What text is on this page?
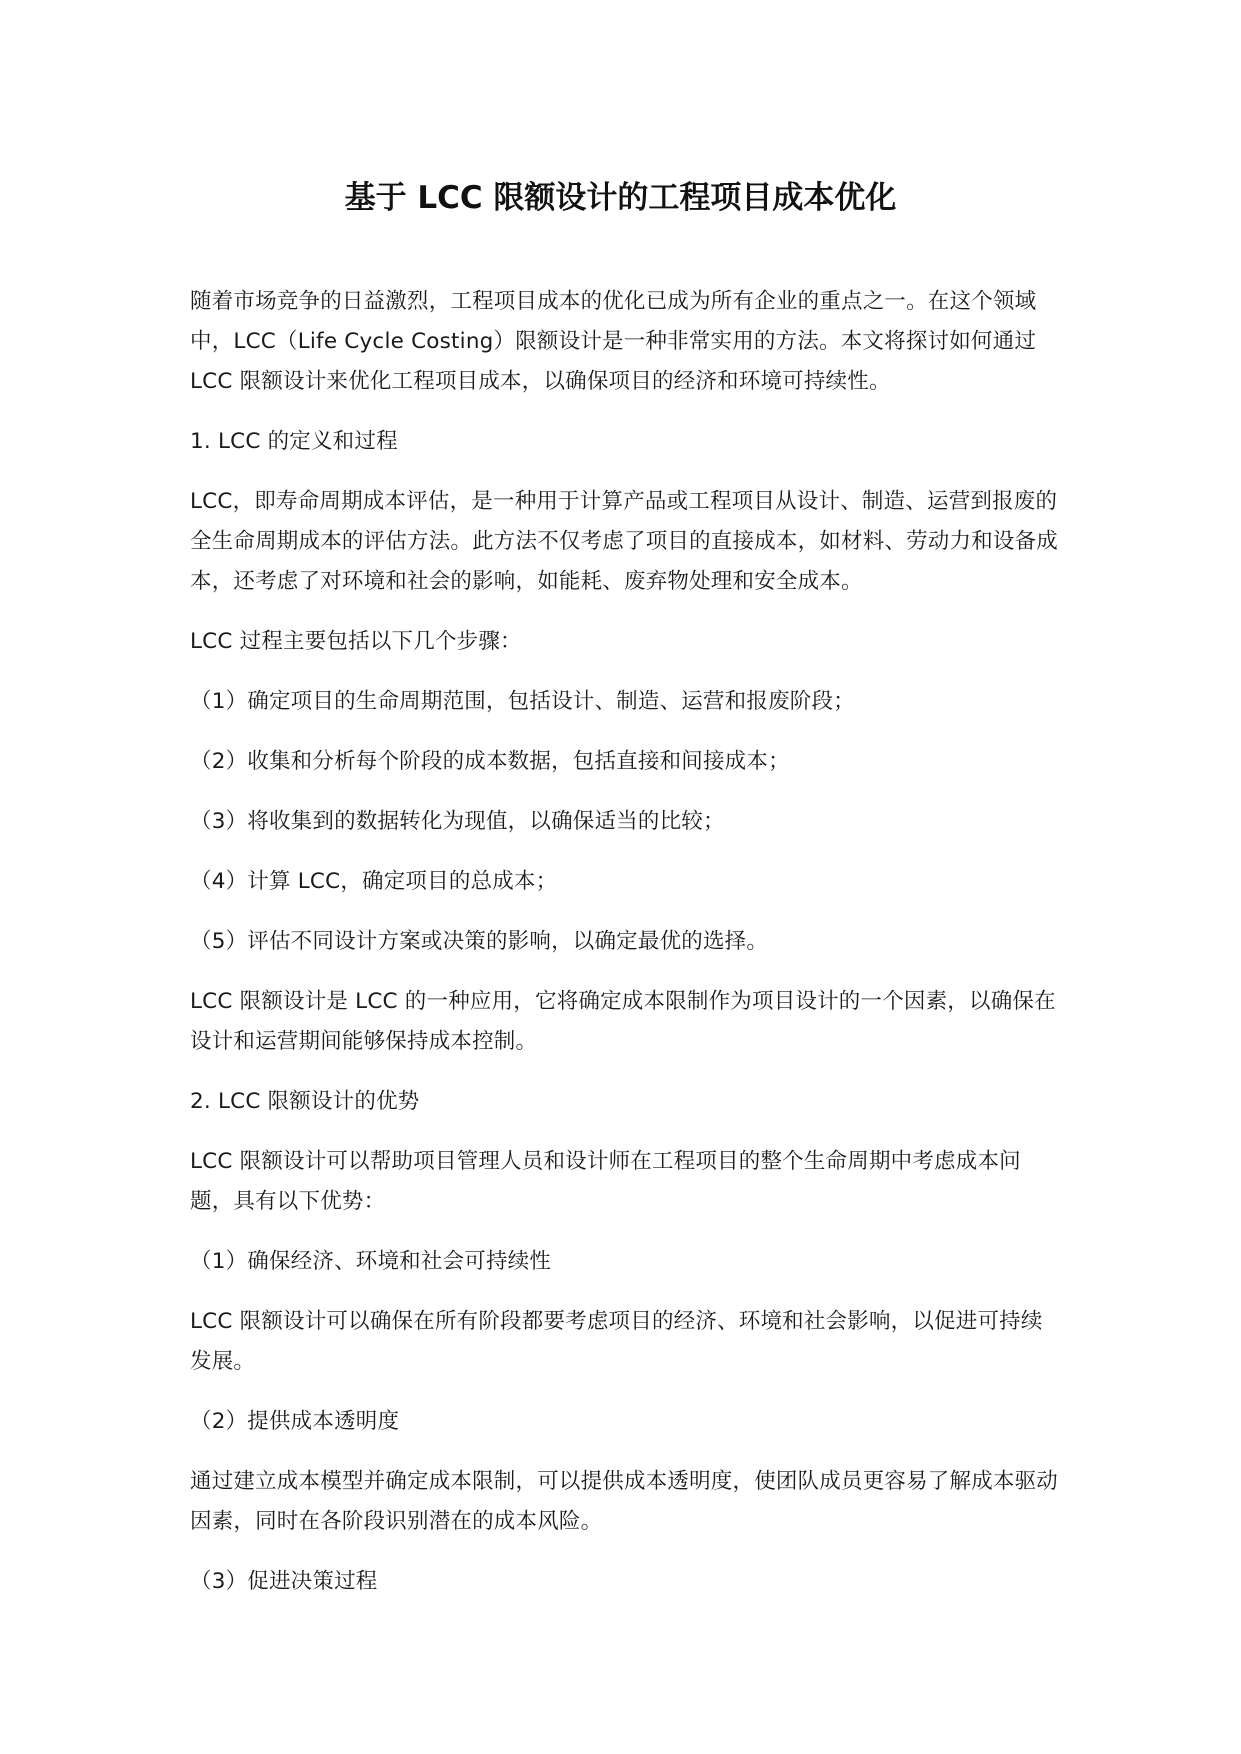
基于 LCC 限额设计的工程项目成本优化

随着市场竞争的日益激烈，工程项目成本的优化已成为所有企业的重点之一。在这个领域中，LCC（Life Cycle Costing）限额设计是一种非常实用的方法。本文将探讨如何通过 LCC 限额设计来优化工程项目成本，以确保项目的经济和环境可持续性。

1. LCC 的定义和过程

LCC，即寿命周期成本评估，是一种用于计算产品或工程项目从设计、制造、运营到报废的全生命周期成本的评估方法。此方法不仅考虑了项目的直接成本，如材料、劳动力和设备成本，还考虑了对环境和社会的影响，如能耗、废弃物处理和安全成本。

LCC 过程主要包括以下几个步骤：

（1）确定项目的生命周期范围，包括设计、制造、运营和报废阶段；

（2）收集和分析每个阶段的成本数据，包括直接和间接成本；

（3）将收集到的数据转化为现值，以确保适当的比较；

（4）计算 LCC，确定项目的总成本；

（5）评估不同设计方案或决策的影响，以确定最优的选择。

LCC 限额设计是 LCC 的一种应用，它将确定成本限制作为项目设计的一个因素，以确保在设计和运营期间能够保持成本控制。

2. LCC 限额设计的优势

LCC 限额设计可以帮助项目管理人员和设计师在工程项目的整个生命周期中考虑成本问题，具有以下优势：

（1）确保经济、环境和社会可持续性

LCC 限额设计可以确保在所有阶段都要考虑项目的经济、环境和社会影响，以促进可持续发展。

（2）提供成本透明度

通过建立成本模型并确定成本限制，可以提供成本透明度，使团队成员更容易了解成本驱动因素，同时在各阶段识别潜在的成本风险。

（3）促进决策过程
